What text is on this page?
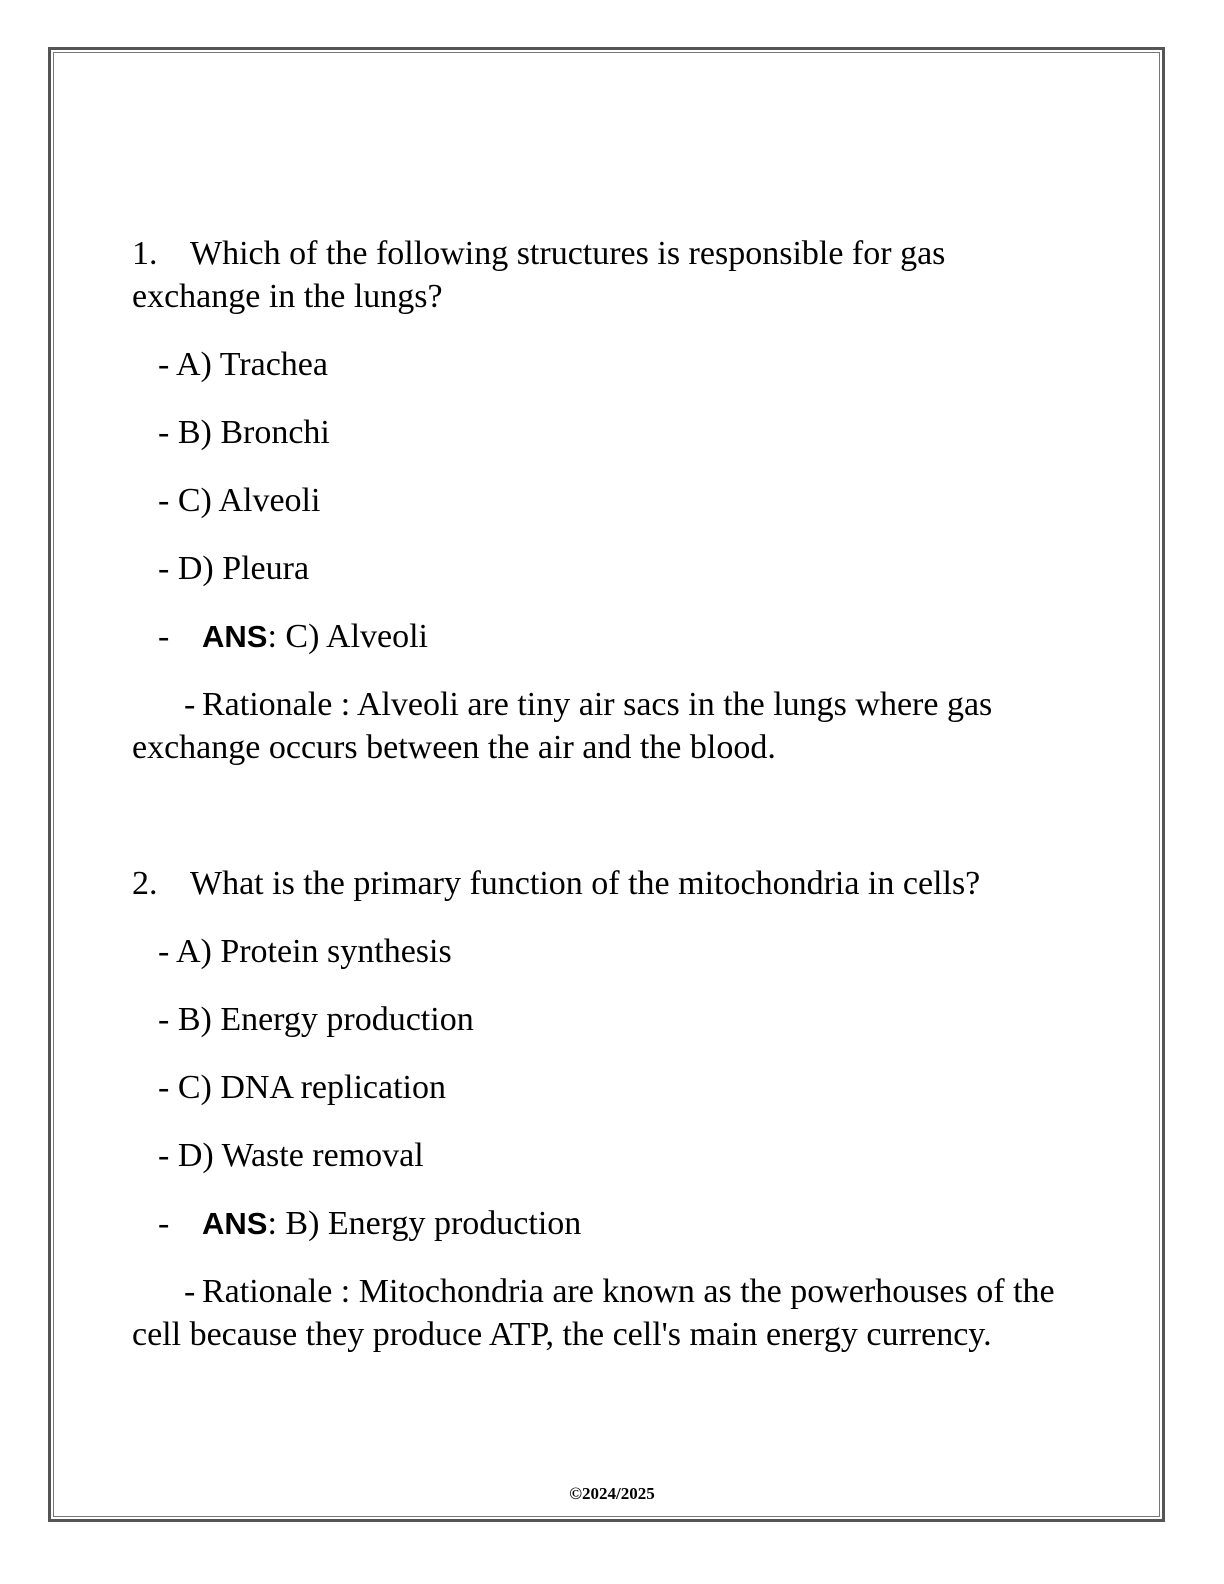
1. Which of the following structures is responsible for gas exchange in the lungs?

- A) Trachea
- B) Bronchi
- C) Alveoli
- D) Pleura
- ANS: C) Alveoli

- Rationale : Alveoli are tiny air sacs in the lungs where gas exchange occurs between the air and the blood.

2. What is the primary function of the mitochondria in cells?

- A) Protein synthesis
- B) Energy production
- C) DNA replication
- D) Waste removal
- ANS: B) Energy production

- Rationale : Mitochondria are known as the powerhouses of the cell because they produce ATP, the cell's main energy currency.

©2024/2025
